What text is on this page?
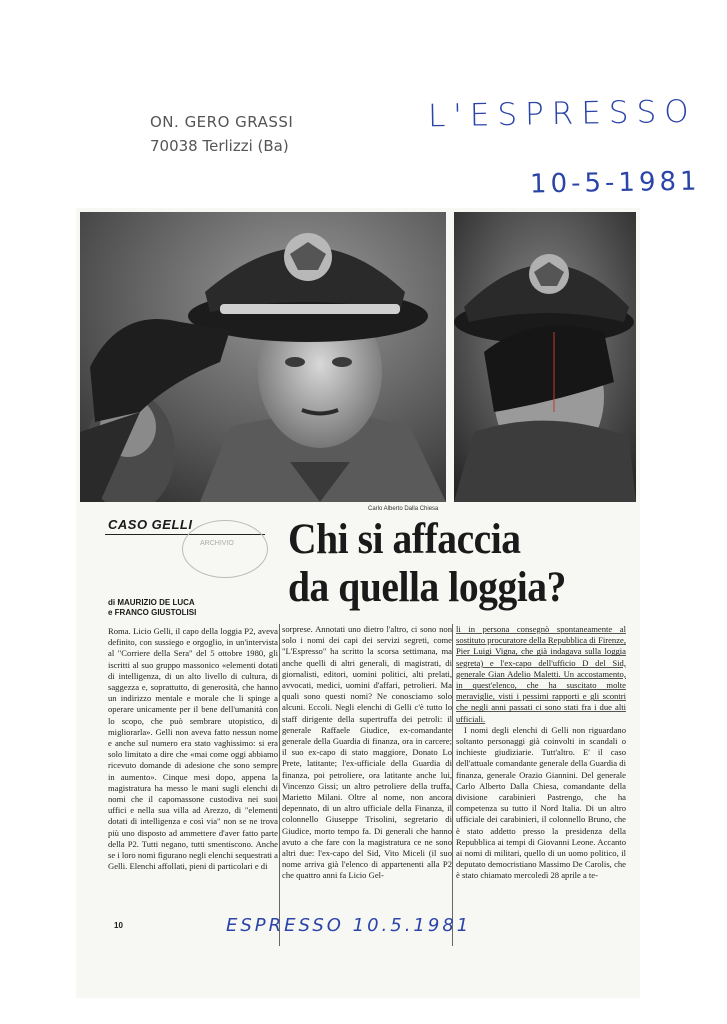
ON. GERO GRASSI
70038 Terlizzi (Ba)
L'ESPRESSO
10-5-1981
Carlo Alberto Dalla Chiesa
CASO GELLI
ARCHIVIO Chi si affaccia
da quella loggia?
di MAURIZIO DE LUCA
e FRANCO GIUSTOLISI

Roma. Licio Gelli, il capo della loggia P2, aveva definito, con sussiego e orgoglio, in un'intervista al "Corriere della Sera" del 5 ottobre 1980, gli iscritti al suo gruppo massonico «elementi dotati di intelligenza, di un alto livello di cultura, di saggezza e, soprattutto, di generosità, che hanno un indirizzo mentale e morale che li spinge a operare unicamente per il bene dell'umanità con lo scopo, che può sembrare utopistico, di migliorarla». Gelli non aveva fatto nessun nome e anche sul numero era stato vaghissimo: si era solo limitato a dire che «mai come oggi abbiamo ricevuto domande di adesione che sono sempre in aumento». Cinque mesi dopo, appena la magistratura ha messo le mani sugli elenchi di nomi che il capomassone custodiva nei suoi uffici e nella sua villa ad Arezzo, di "elementi dotati di intelligenza e così via" non se ne trova più uno disposto ad ammettere d'aver fatto parte della P2. Tutti negano, tutti smentiscono. Anche se i loro nomi figurano negli elenchi sequestrati a Gelli. Elenchi affollati, pieni di particolari e di

sorprese. Annotati uno dietro l'altro, ci sono non solo i nomi dei capi dei servizi segreti, come "L'Espresso" ha scritto la scorsa settimana, ma anche quelli di altri generali, di magistrati, di giornalisti, editori, uomini politici, alti prelati, avvocati, medici, uomini d'affari, petrolieri. Ma quali sono questi nomi? Ne conosciamo solo alcuni. Eccoli. Negli elenchi di Gelli c'è tutto lo staff dirigente della supertruffa dei petroli: il generale Raffaele Giudice, ex-comandante generale della Guardia di finanza, ora in carcere; il suo ex-capo di stato maggiore, Donato Lo Prete, latitante; l'ex-ufficiale della Guardia di finanza, poi petroliere, ora latitante anche lui, Vincenzo Gissi; un altro petroliere della truffa, Marietto Milani. Oltre al nome, non ancora depennato, di un altro ufficiale della Finanza, il colonnello Giuseppe Trisolini, segretario di Giudice, morto tempo fa. Di generali che hanno avuto a che fare con la magistratura ce ne sono altri due: l'ex-capo del Sid, Vito Miceli (il suo nome arriva già l'elenco di appartenenti alla P2 che quattro anni fa Licio Gel-

li in persona consegnò spontaneamente al sostituto procuratore della Repubblica di Firenze, Pier Luigi Vigna, che già indagava sulla loggia segreta) e l'ex-capo dell'ufficio D del Sid, generale Gian Adelio Maletti. Un accostamento, in quest'elenco, che ha suscitato molte meraviglie, visti i pessimi rapporti e gli scontri che negli anni passati ci sono stati fra i due alti ufficiali.

I nomi degli elenchi di Gelli non riguardano soltanto personaggi già coinvolti in scandali o inchieste giudiziarie. Tutt'altro. E' il caso dell'attuale comandante generale della Guardia di finanza, generale Orazio Giannini. Del generale Carlo Alberto Dalla Chiesa, comandante della divisione carabinieri Pastrengo, che ha competenza su tutto il Nord Italia. Di un altro ufficiale dei carabinieri, il colonnello Bruno, che è stato addetto presso la presidenza della Repubblica ai tempi di Giovanni Leone. Accanto ai nomi di militari, quello di un uomo politico, il deputato democristiano Massimo De Carolis, che è stato chiamato mercoledì 28 aprile a te-

10	ESPRESSO 10.5.1981
